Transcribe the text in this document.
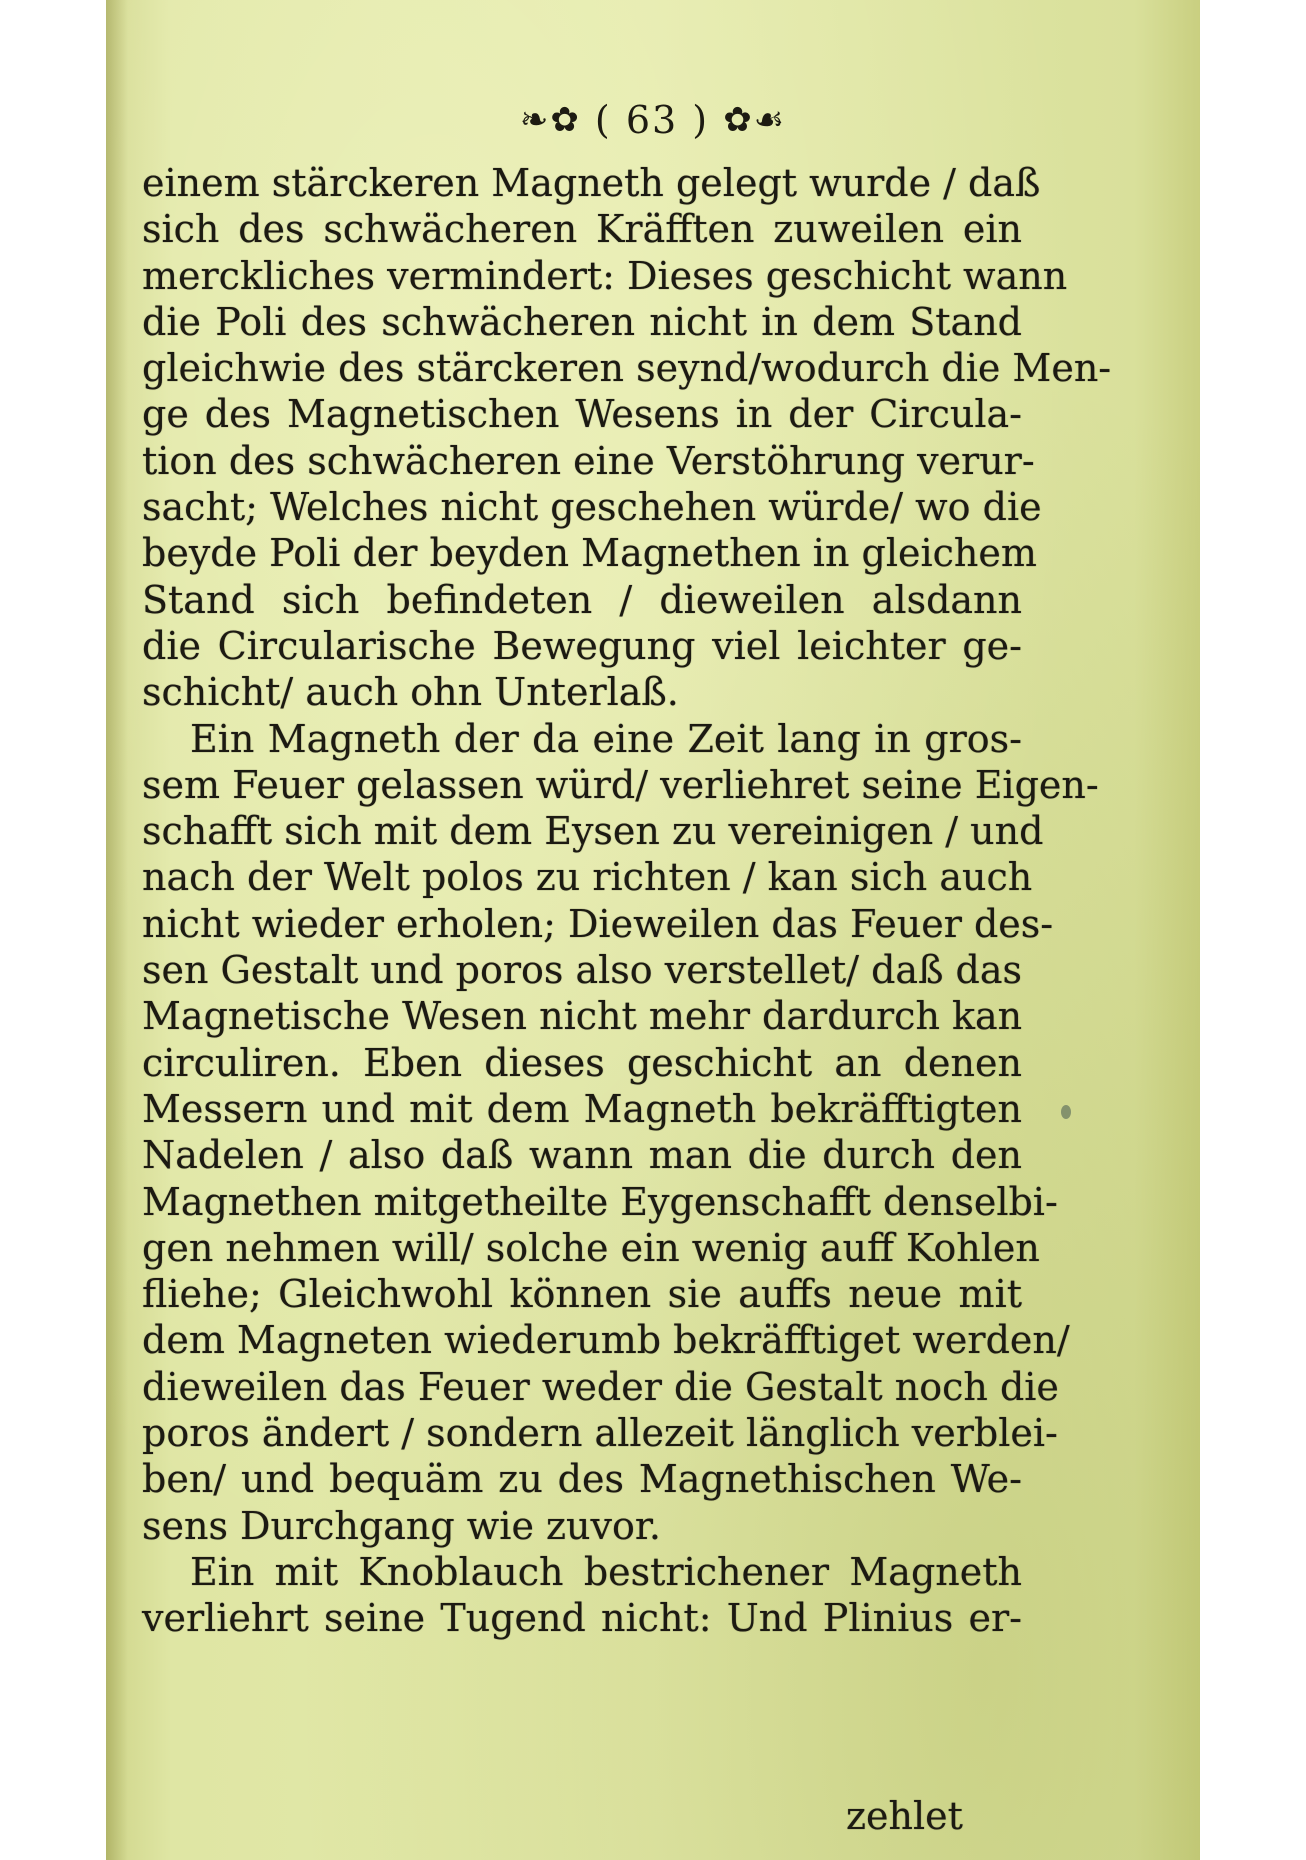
❧✿ ( 63 ) ✿☙
einem stärckeren Magneth gelegt wurde / daß
sich des schwächeren Kräfften zuweilen ein
merckliches vermindert: Dieses geschicht wann
die Poli des schwächeren nicht in dem Stand
gleichwie des stärckeren seynd/wodurch die Men-
ge des Magnetischen Wesens in der Circula-
tion des schwächeren eine Verstöhrung verur-
sacht; Welches nicht geschehen würde/ wo die
beyde Poli der beyden Magnethen in gleichem
Stand sich befindeten / dieweilen alsdann
die Circularische Bewegung viel leichter ge-
schicht/ auch ohn Unterlaß.
Ein Magneth der da eine Zeit lang in gros-
sem Feuer gelassen würd/ verliehret seine Eigen-
schafft sich mit dem Eysen zu vereinigen / und
nach der Welt polos zu richten / kan sich auch
nicht wieder erholen; Dieweilen das Feuer des-
sen Gestalt und poros also verstellet/ daß das
Magnetische Wesen nicht mehr dardurch kan
circuliren. Eben dieses geschicht an denen
Messern und mit dem Magneth bekräfftigten
Nadelen / also daß wann man die durch den
Magnethen mitgetheilte Eygenschafft denselbi-
gen nehmen will/ solche ein wenig auff Kohlen
fliehe; Gleichwohl können sie auffs neue mit
dem Magneten wiederumb bekräfftiget werden/
dieweilen das Feuer weder die Gestalt noch die
poros ändert / sondern allezeit länglich verblei-
ben/ und bequäm zu des Magnethischen We-
sens Durchgang wie zuvor.
Ein mit Knoblauch bestrichener Magneth
verliehrt seine Tugend nicht: Und Plinius er-
zehlet
